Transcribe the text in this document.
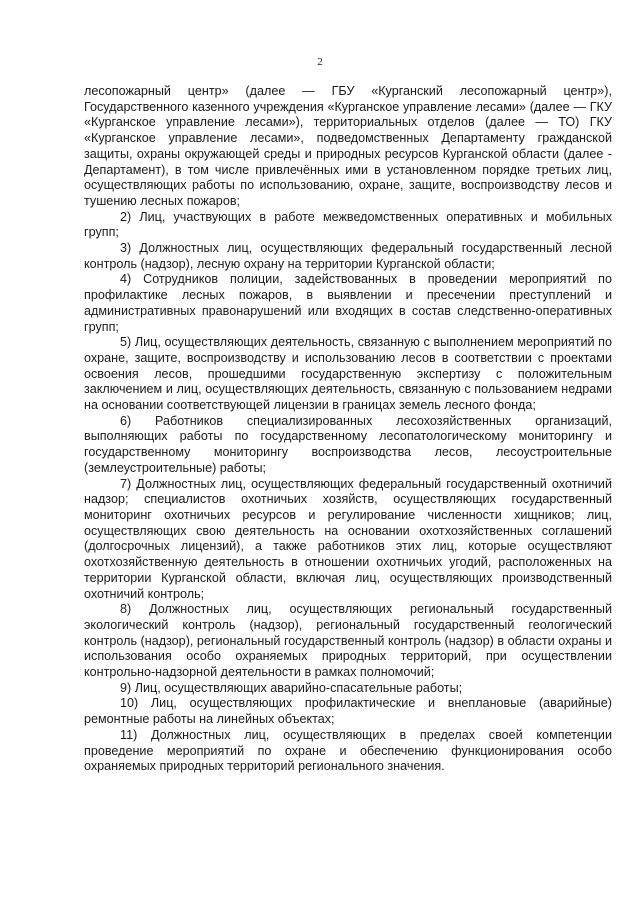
2

лесопожарный центр» (далее — ГБУ «Курганский лесопожарный центр»), Государственного казенного учреждения «Курганское управление лесами» (далее — ГКУ «Курганское управление лесами»), территориальных отделов (далее — ТО) ГКУ «Курганское управление лесами», подведомственных Департаменту гражданской защиты, охраны окружающей среды и природных ресурсов Курганской области (далее - Департамент), в том числе привлечённых ими в установленном порядке третьих лиц, осуществляющих работы по использованию, охране, защите, воспроизводству лесов и тушению лесных пожаров;

2) Лиц, участвующих в работе межведомственных оперативных и мобильных групп;

3) Должностных лиц, осуществляющих федеральный государственный лесной контроль (надзор), лесную охрану на территории Курганской области;

4) Сотрудников полиции, задействованных в проведении мероприятий по профилактике лесных пожаров, в выявлении и пресечении преступлений и административных правонарушений или входящих в состав следственно-оперативных групп;

5) Лиц, осуществляющих деятельность, связанную с выполнением мероприятий по охране, защите, воспроизводству и использованию лесов в соответствии с проектами освоения лесов, прошедшими государственную экспертизу с положительным заключением и лиц, осуществляющих деятельность, связанную с пользованием недрами на основании соответствующей лицензии в границах земель лесного фонда;

6) Работников специализированных лесохозяйственных организаций, выполняющих работы по государственному лесопатологическому мониторингу и государственному мониторингу воспроизводства лесов, лесоустроительные (землеустроительные) работы;

7) Должностных лиц, осуществляющих федеральный государственный охотничий надзор; специалистов охотничьих хозяйств, осуществляющих государственный мониторинг охотничьих ресурсов и регулирование численности хищников; лиц, осуществляющих свою деятельность на основании охотхозяйственных соглашений (долгосрочных лицензий), а также работников этих лиц, которые осуществляют охотхозяйственную деятельность в отношении охотничьих угодий, расположенных на территории Курганской области, включая лиц, осуществляющих производственный охотничий контроль;

8) Должностных лиц, осуществляющих региональный государственный экологический контроль (надзор), региональный государственный геологический контроль (надзор), региональный государственный контроль (надзор) в области охраны и использования особо охраняемых природных территорий, при осуществлении контрольно-надзорной деятельности в рамках полномочий;

9) Лиц, осуществляющих аварийно-спасательные работы;

10) Лиц, осуществляющих профилактические и внеплановые (аварийные) ремонтные работы на линейных объектах;

11) Должностных лиц, осуществляющих в пределах своей компетенции проведение мероприятий по охране и обеспечению функционирования особо охраняемых природных территорий регионального значения.
